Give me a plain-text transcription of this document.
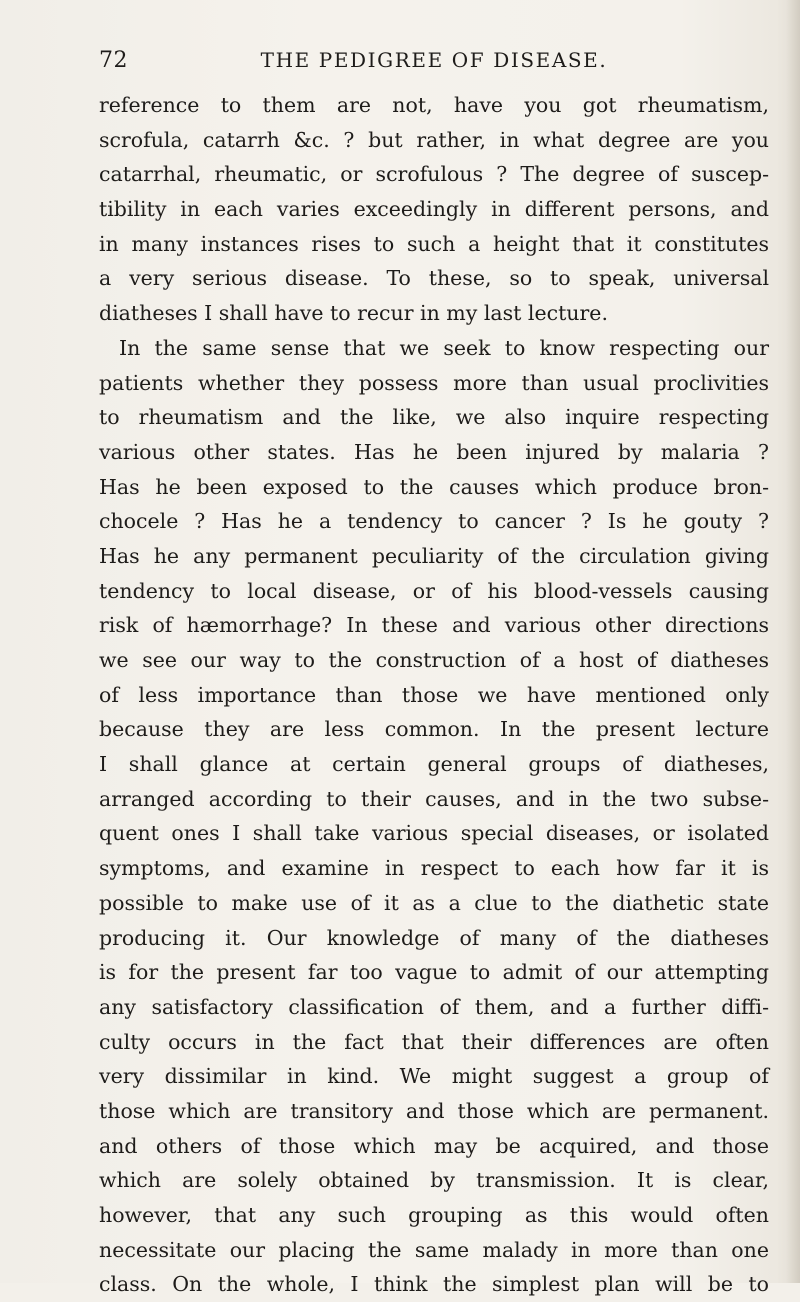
72	THE PEDIGREE OF DISEASE.
reference to them are not, have you got rheumatism,
scrofula, catarrh &c. ? but rather, in what degree are you
catarrhal, rheumatic, or scrofulous ? The degree of suscep-
tibility in each varies exceedingly in different persons, and
in many instances rises to such a height that it constitutes
a very serious disease. To these, so to speak, universal
diatheses I shall have to recur in my last lecture.
In the same sense that we seek to know respecting our
patients whether they possess more than usual proclivities
to rheumatism and the like, we also inquire respecting
various other states. Has he been injured by malaria ?
Has he been exposed to the causes which produce bron-
chocele ? Has he a tendency to cancer ? Is he gouty ?
Has he any permanent peculiarity of the circulation giving
tendency to local disease, or of his blood-vessels causing
risk of hæmorrhage? In these and various other directions
we see our way to the construction of a host of diatheses
of less importance than those we have mentioned only
because they are less common. In the present lecture
I shall glance at certain general groups of diatheses,
arranged according to their causes, and in the two subse-
quent ones I shall take various special diseases, or isolated
symptoms, and examine in respect to each how far it is
possible to make use of it as a clue to the diathetic state
producing it. Our knowledge of many of the diatheses
is for the present far too vague to admit of our attempting
any satisfactory classification of them, and a further diffi-
culty occurs in the fact that their differences are often
very dissimilar in kind. We might suggest a group of
those which are transitory and those which are permanent.
and others of those which may be acquired, and those
which are solely obtained by transmission. It is clear,
however, that any such grouping as this would often
necessitate our placing the same malady in more than one
class. On the whole, I think the simplest plan will be to
